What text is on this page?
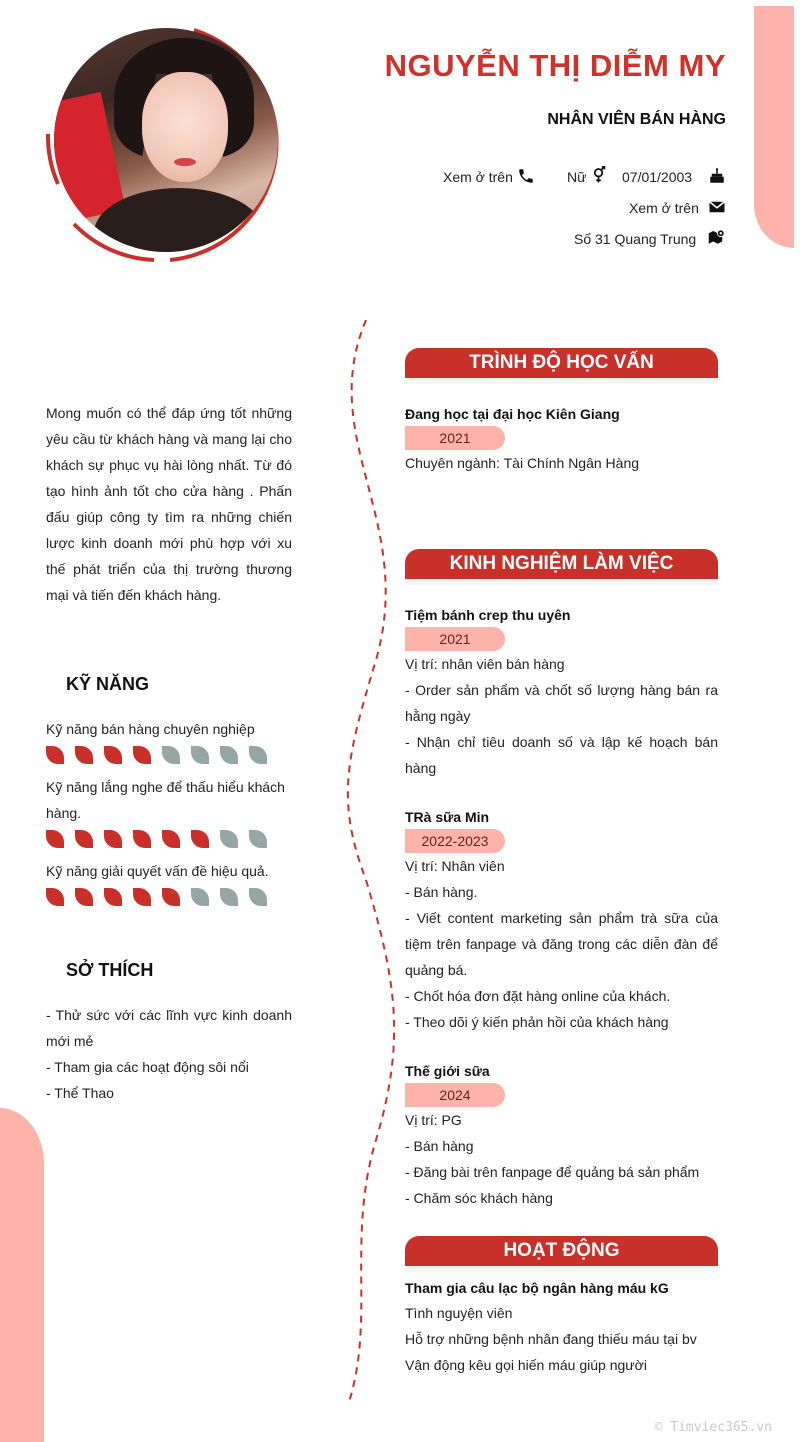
NGUYỄN THỊ DIỄM MY
NHÂN VIÊN BÁN HÀNG
Xem ở trên	Nữ	07/01/2003
Xem ở trên
Số 31 Quang Trung
Mong muốn có thể đáp ứng tốt những yêu cầu từ khách hàng và mang lại cho khách sự phục vụ hài lòng nhất. Từ đó tạo hình ảnh tốt cho cửa hàng . Phấn đấu giúp công ty tìm ra những chiến lược kinh doanh mới phù hợp với xu thế phát triển của thị trường thương mại và tiến đến khách hàng.
KỸ NĂNG
Kỹ năng bán hàng chuyên nghiệp
Kỹ năng lắng nghe để thấu hiểu khách hàng.
Kỹ năng giải quyết vấn đề hiệu quả.
SỞ THÍCH
- Thử sức với các lĩnh vực kinh doanh mới mẻ
- Tham gia các hoạt động sôi nổi
- Thể Thao
TRÌNH ĐỘ HỌC VẤN
Đang học tại đại học Kiên Giang
2021
Chuyên ngành: Tài Chính Ngân Hàng
KINH NGHIỆM LÀM VIỆC
Tiệm bánh crep thu uyên
2021
Vị trí: nhân viên bán hàng
- Order sản phẩm và chốt số lượng hàng bán ra hằng ngày
- Nhận chỉ tiêu doanh số và lập kế hoạch bán hàng
TRà sữa Min
2022-2023
Vị trí: Nhân viên
- Bán hàng.
- Viết content marketing sản phẩm trà sữa của tiệm trên fanpage và đăng trong các diễn đàn để quảng bá.
- Chốt hóa đơn đặt hàng online của khách.
- Theo dõi ý kiến phản hồi của khách hàng
Thế giới sữa
2024
Vị trí: PG
- Bán hàng
- Đăng bài trên fanpage để quảng bá sản phẩm
- Chăm sóc khách hàng
HOẠT ĐỘNG
Tham gia câu lạc bộ ngân hàng máu kG
Tình nguyện viên
Hỗ trợ những bệnh nhân đang thiếu máu tại bv
Vận động kêu gọi hiến máu giúp người
© Timviec365.vn
